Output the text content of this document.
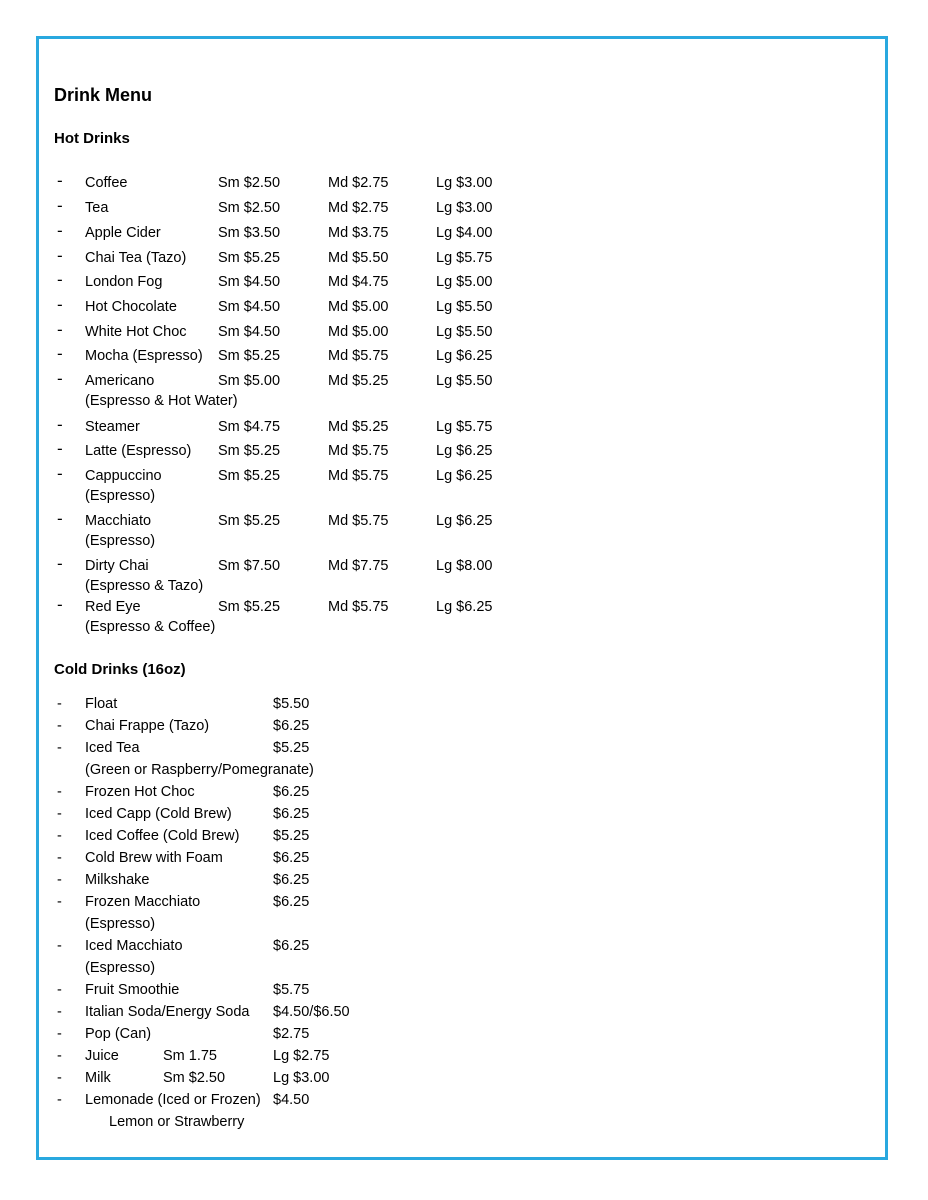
Drink Menu
Hot Drinks
- Coffee	Sm $2.50	Md $2.75	Lg $3.00
- Tea	Sm $2.50	Md $2.75	Lg $3.00
- Apple Cider	Sm $3.50	Md $3.75	Lg $4.00
- Chai Tea (Tazo) Sm $5.25	Md $5.50	Lg $5.75
- London Fog	Sm $4.50	Md $4.75	Lg $5.00
- Hot Chocolate	Sm $4.50	Md $5.00	Lg $5.50
- White Hot Choc Sm $4.50	Md $5.00	Lg $5.50
- Mocha (Espresso) Sm $5.25	Md $5.75	Lg $6.25
- Americano	Sm $5.00	Md $5.25	Lg $5.50
(Espresso & Hot Water)
- Steamer	Sm $4.75	Md $5.25	Lg $5.75
- Latte (Espresso) Sm $5.25	Md $5.75	Lg $6.25
- Cappuccino	Sm $5.25	Md $5.75	Lg $6.25
(Espresso)
- Macchiato	Sm $5.25	Md $5.75	Lg $6.25
(Espresso)
- Dirty Chai	Sm $7.50	Md $7.75	Lg $8.00
(Espresso & Tazo)
- Red Eye	Sm $5.25	Md $5.75	Lg $6.25
(Espresso & Coffee)
Cold Drinks (16oz)
- Float	$5.50
- Chai Frappe (Tazo)	$6.25
- Iced Tea	$5.25
(Green or Raspberry/Pomegranate)
- Frozen Hot Choc	$6.25
- Iced Capp (Cold Brew)	$6.25
- Iced Coffee (Cold Brew) $5.25
- Cold Brew with Foam	$6.25
- Milkshake	$6.25
- Frozen Macchiato	$6.25
(Espresso)
- Iced Macchiato	$6.25
(Espresso)
- Fruit Smoothie	$5.75
- Italian Soda/Energy Soda $4.50/$6.50
- Pop (Can)	$2.75
- Juice	Sm 1.75	Lg $2.75
- Milk	Sm $2.50	Lg $3.00
- Lemonade (Iced or Frozen) $4.50
Lemon or Strawberry
